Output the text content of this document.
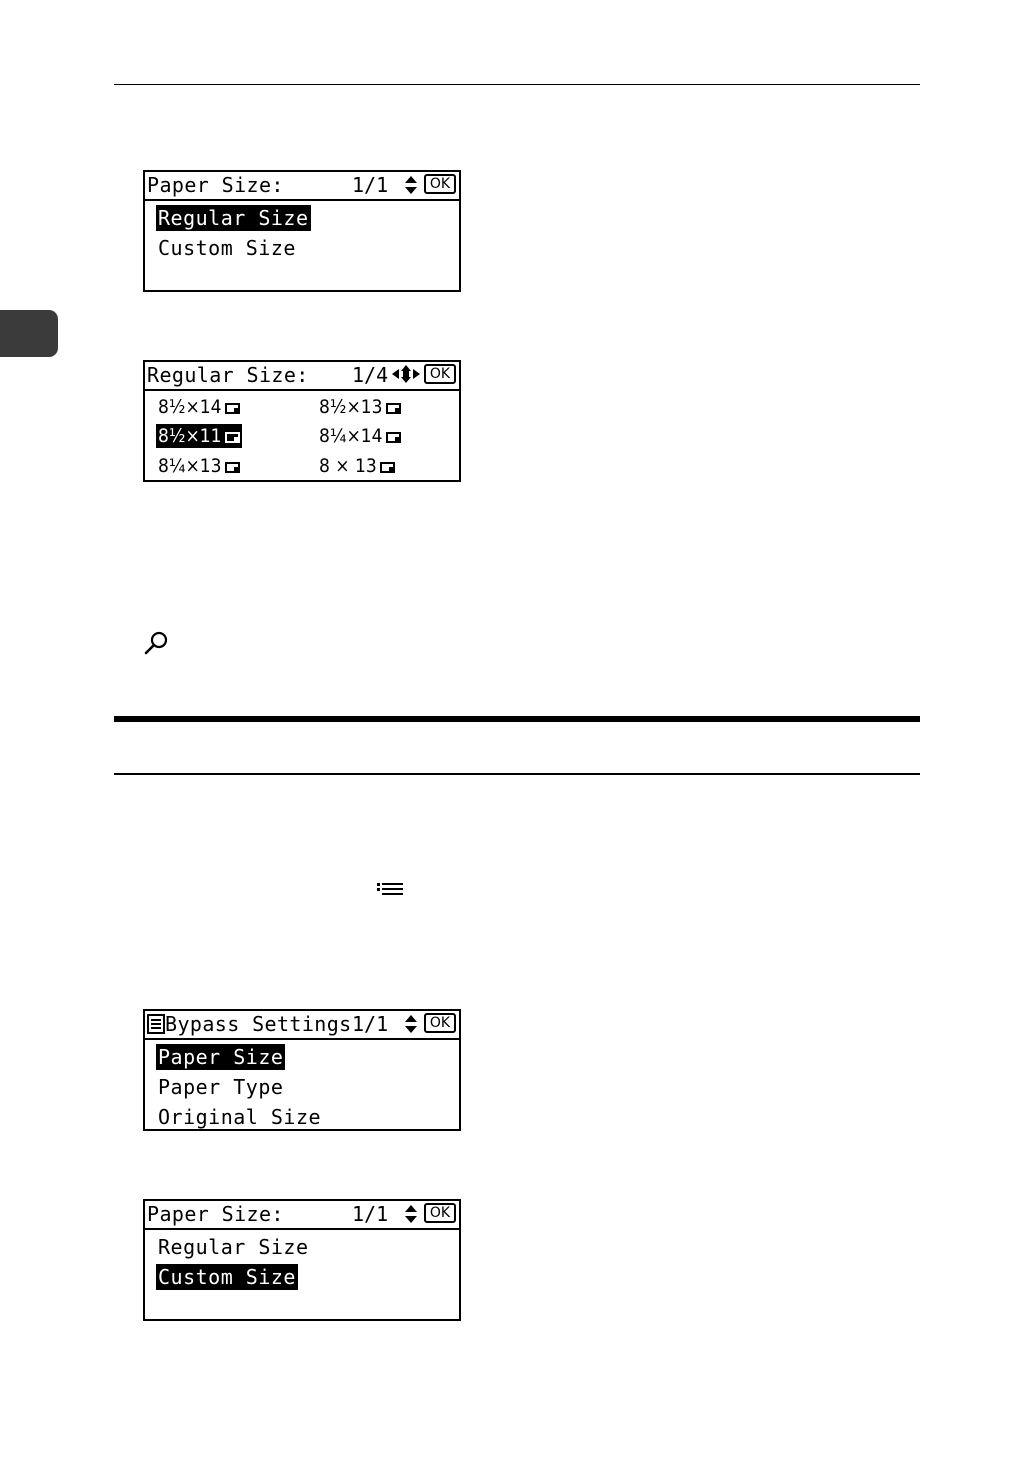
Paper Size:	1/1	OK
Regular Size
Custom Size
Regular Size: 1/4	OK
8½×14	8½×13
8½×11	8¼×14
8¼×13	8 × 13
Bypass Settings 1/1	OK
Paper Size
Paper Type
Original Size
Paper Size:	1/1	OK
Regular Size
Custom Size
